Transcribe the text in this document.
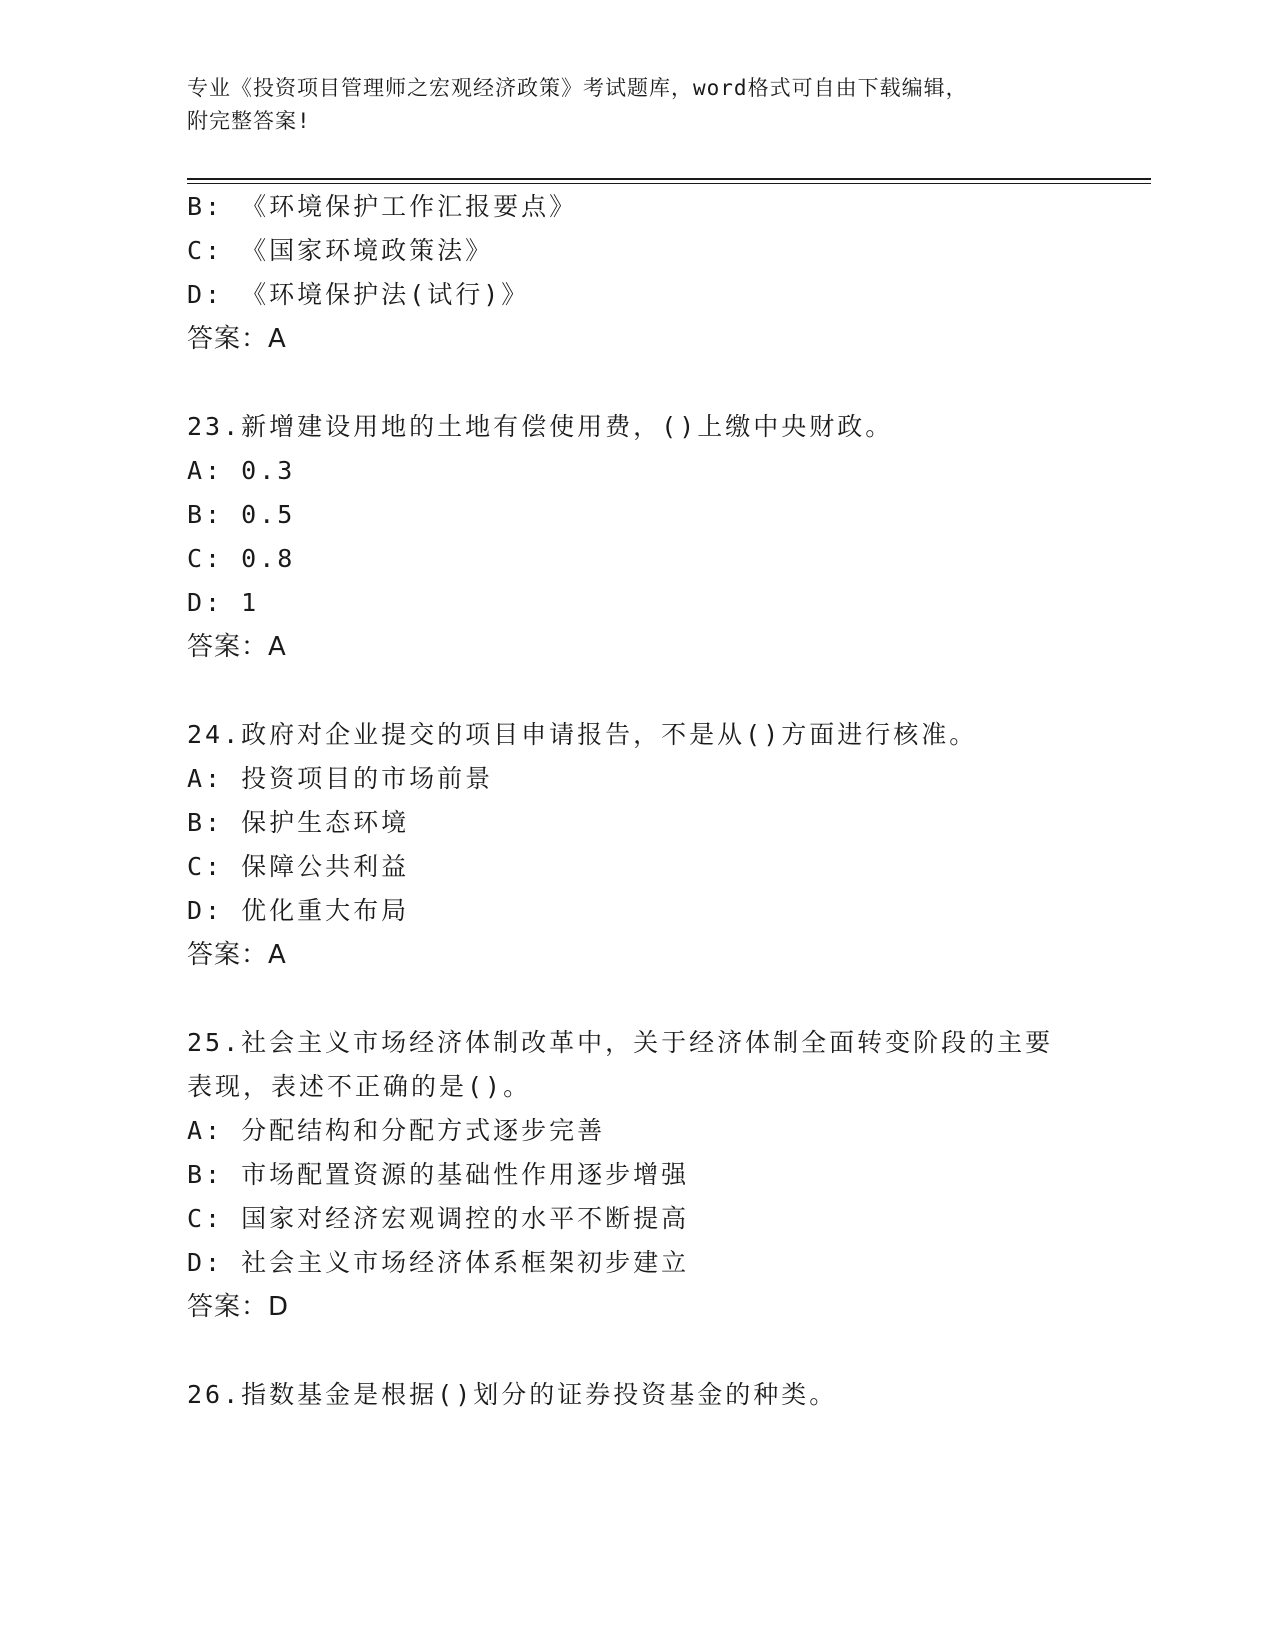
专业《投资项目管理师之宏观经济政策》考试题库，word格式可自由下载编辑，
附完整答案!
B: 《环境保护工作汇报要点》
C: 《国家环境政策法》
D: 《环境保护法(试行)》
答案：A
23.新增建设用地的土地有偿使用费，()上缴中央财政。
A: 0.3
B: 0.5
C: 0.8
D: 1
答案：A
24.政府对企业提交的项目申请报告，不是从()方面进行核准。
A: 投资项目的市场前景
B: 保护生态环境
C: 保障公共利益
D: 优化重大布局
答案：A
25.社会主义市场经济体制改革中，关于经济体制全面转变阶段的主要
表现，表述不正确的是()。
A: 分配结构和分配方式逐步完善
B: 市场配置资源的基础性作用逐步增强
C: 国家对经济宏观调控的水平不断提高
D: 社会主义市场经济体系框架初步建立
答案：D
26.指数基金是根据()划分的证券投资基金的种类。
